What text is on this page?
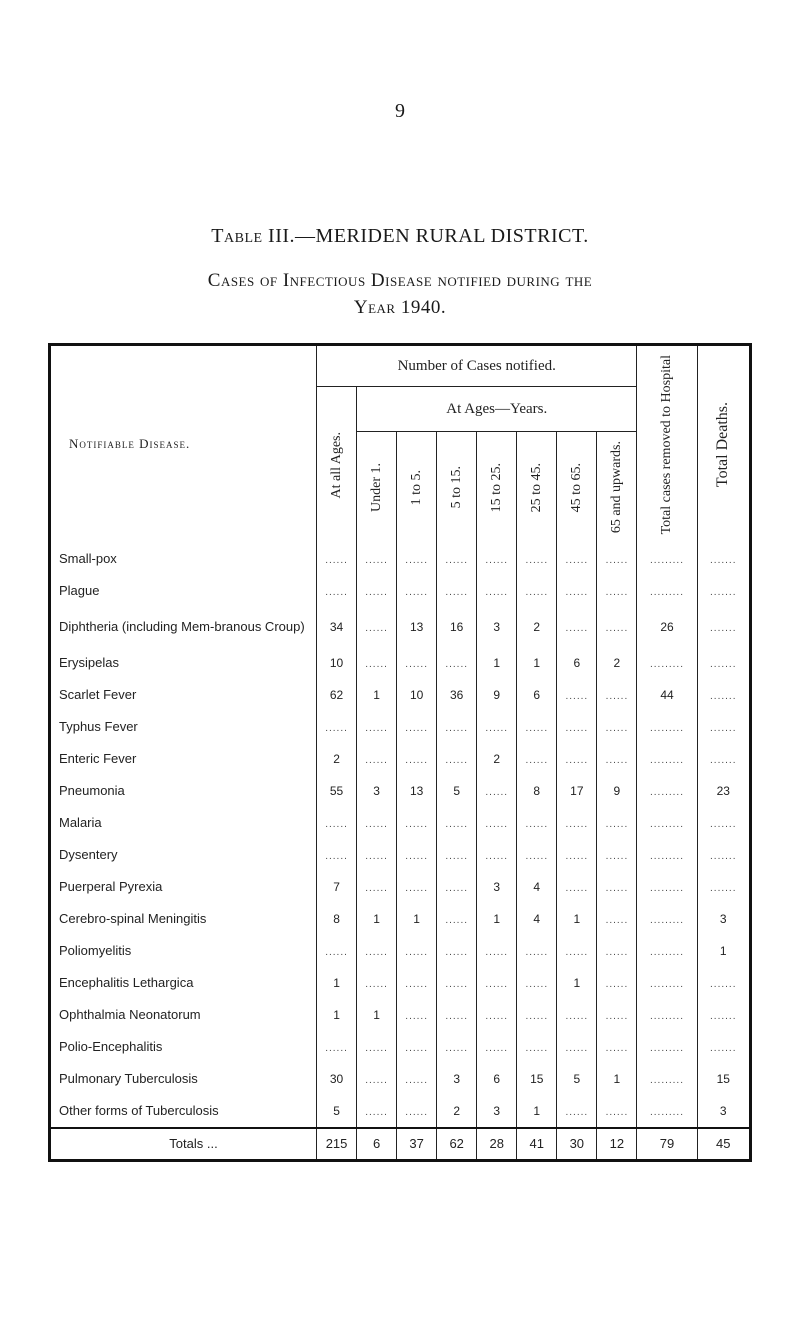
9
Table III.—MERIDEN RURAL DISTRICT.
Cases of Infectious Disease notified during the
Year 1940.
Notifiable Disease.	Number of Cases notified.								Total cases removed to Hospital	Total Deaths.

	At all Ages.	At Ages—Years.								

		Under 1.	1 to 5.	5 to 15.	15 to 25.	25 to 45.	45 to 65.	65 and upwards.		

Small-pox	......	......	......	......	......	......	......	......	.........	.......
Plague	......	......	......	......	......	......	......	......	.........	.......
Diphtheria (including Mem-branous Croup)	34	......	13	16	3	2	......	......	26	.......
Erysipelas	10	......	......	......	1	1	6	2	.........	.......
Scarlet Fever	62	1	10	36	9	6	......	......	44	.......
Typhus Fever	......	......	......	......	......	......	......	......	.........	.......
Enteric Fever	2	......	......	......	2	......	......	......	.........	.......
Pneumonia	55	3	13	5	......	8	17	9	.........	23
Malaria	......	......	......	......	......	......	......	......	.........	.......
Dysentery	......	......	......	......	......	......	......	......	.........	.......
Puerperal Pyrexia	7	......	......	......	3	4	......	......	.........	.......
Cerebro-spinal Meningitis	8	1	1	......	1	4	1	......	.........	3
Poliomyelitis	......	......	......	......	......	......	......	......	.........	1
Encephalitis Lethargica	1	......	......	......	......	......	1	......	.........	.......
Ophthalmia Neonatorum	1	1	......	......	......	......	......	......	.........	.......
Polio-Encephalitis	......	......	......	......	......	......	......	......	.........	.......
Pulmonary Tuberculosis	30	......	......	3	6	15	5	1	.........	15
Other forms of Tuberculosis	5	......	......	2	3	1	......	......	.........	3
Totals ...	215	6	37	62	28	41	30	12	79	45
